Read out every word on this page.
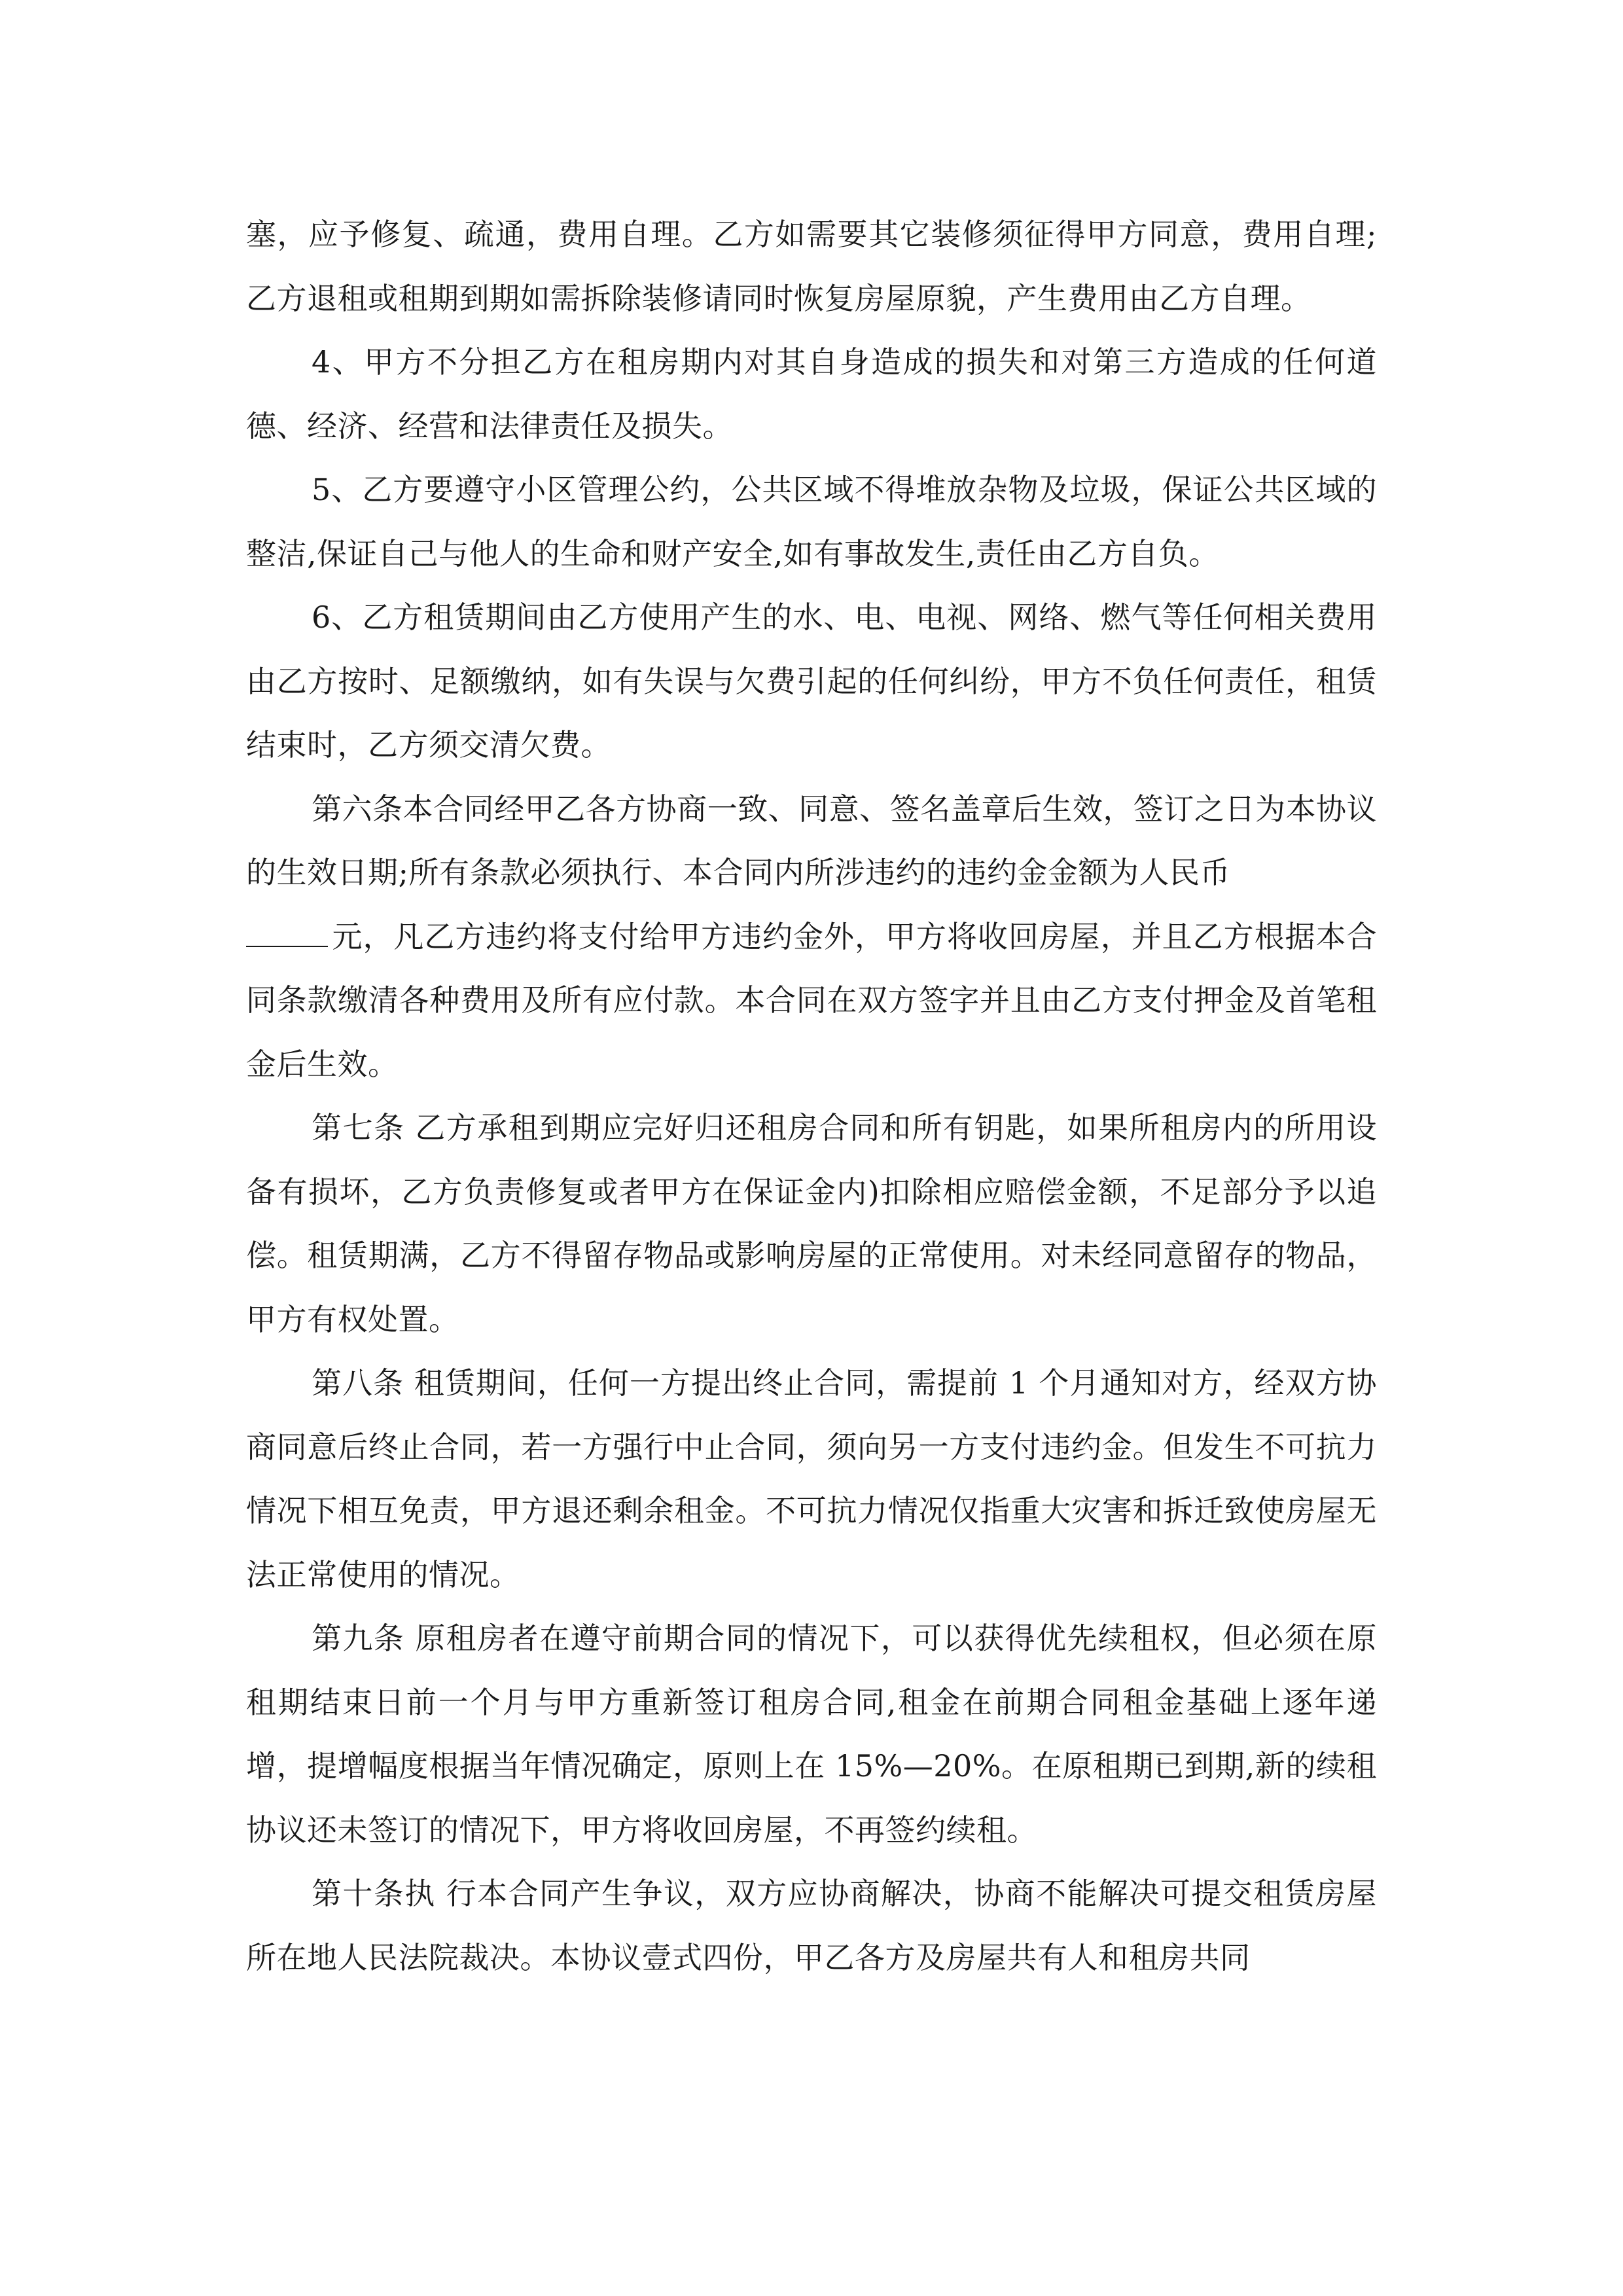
塞，应予修复、疏通，费用自理。乙方如需要其它装修须征得甲方同意，费用自理;乙方退租或租期到期如需拆除装修请同时恢复房屋原貌，产生费用由乙方自理。

4、甲方不分担乙方在租房期内对其自身造成的损失和对第三方造成的任何道德、经济、经营和法律责任及损失。

5、乙方要遵守小区管理公约，公共区域不得堆放杂物及垃圾，保证公共区域的整洁,保证自己与他人的生命和财产安全,如有事故发生,责任由乙方自负。

6、乙方租赁期间由乙方使用产生的水、电、电视、网络、燃气等任何相关费用由乙方按时、足额缴纳，如有失误与欠费引起的任何纠纷，甲方不负任何责任，租赁结束时，乙方须交清欠费。

第六条本合同经甲乙各方协商一致、同意、签名盖章后生效，签订之日为本协议的生效日期;所有条款必须执行、本合同内所涉违约的违约金金额为人民币
元，凡乙方违约将支付给甲方违约金外，甲方将收回房屋，并且乙方根据本合同条款缴清各种费用及所有应付款。本合同在双方签字并且由乙方支付押金及首笔租金后生效。

第七条 乙方承租到期应完好归还租房合同和所有钥匙，如果所租房内的所用设备有损坏，乙方负责修复或者甲方在保证金内)扣除相应赔偿金额，不足部分予以追偿。租赁期满，乙方不得留存物品或影响房屋的正常使用。对未经同意留存的物品，甲方有权处置。

第八条 租赁期间，任何一方提出终止合同，需提前 1 个月通知对方，经双方协商同意后终止合同，若一方强行中止合同，须向另一方支付违约金。但发生不可抗力情况下相互免责，甲方退还剩余租金。不可抗力情况仅指重大灾害和拆迁致使房屋无法正常使用的情况。

第九条 原租房者在遵守前期合同的情况下，可以获得优先续租权，但必须在原租期结束日前一个月与甲方重新签订租房合同,租金在前期合同租金基础上逐年递增，提增幅度根据当年情况确定，原则上在 15%—20%。在原租期已到期,新的续租协议还未签订的情况下，甲方将收回房屋，不再签约续租。

第十条执 行本合同产生争议，双方应协商解决，协商不能解决可提交租赁房屋所在地人民法院裁决。本协议壹式四份，甲乙各方及房屋共有人和租房共同
